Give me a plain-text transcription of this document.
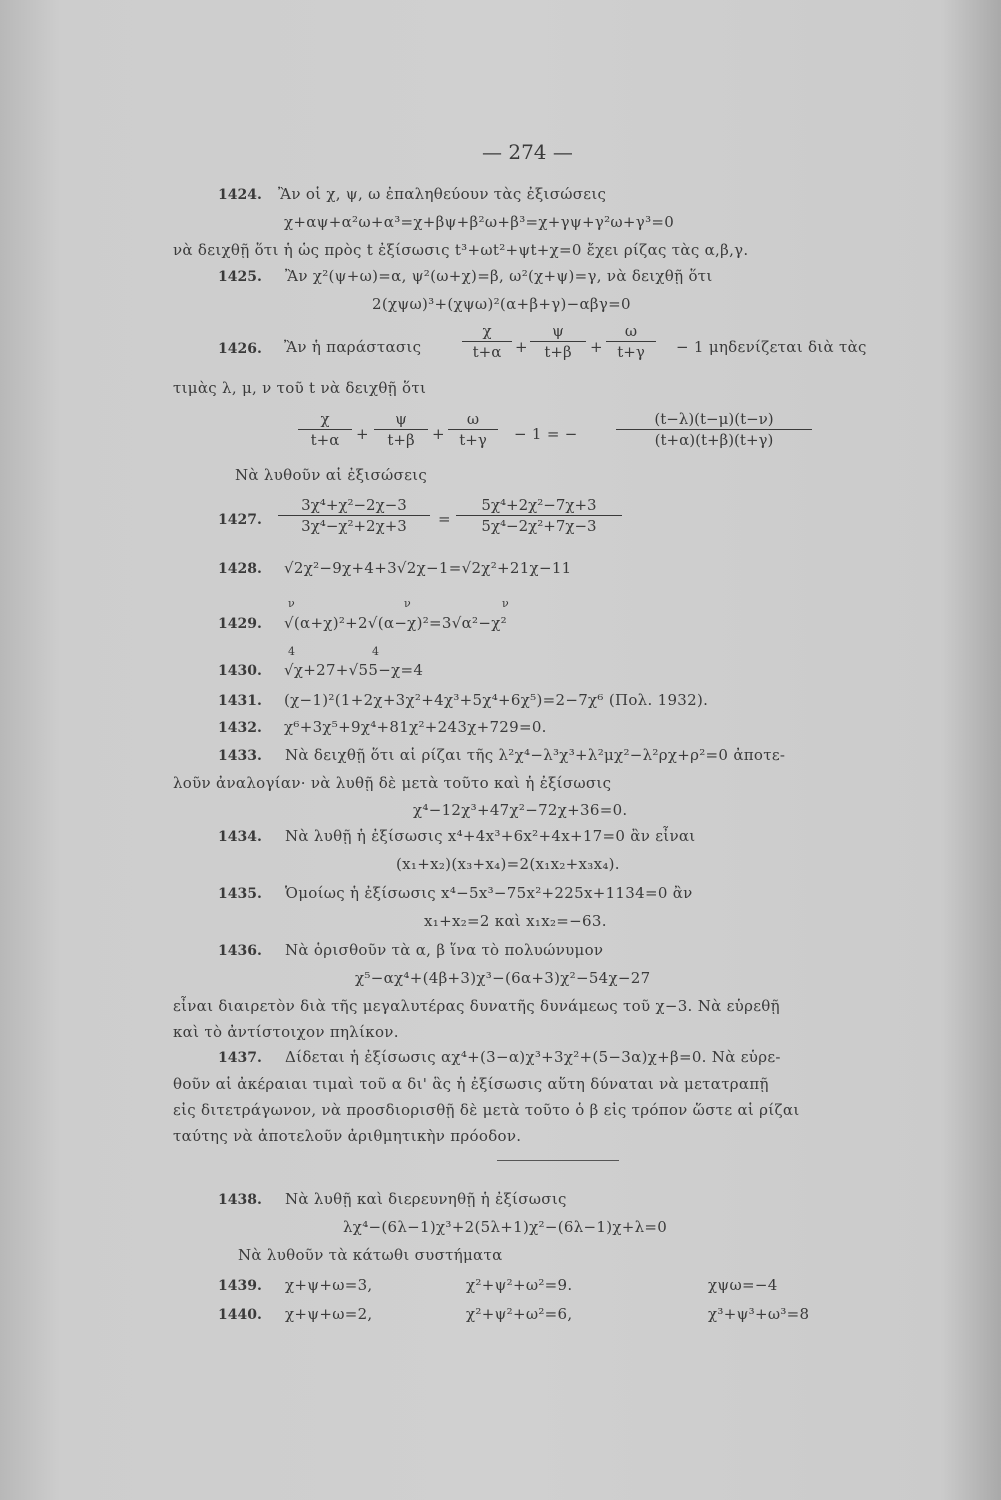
— 274 —
1424. Ἂν οἱ χ, ψ, ω ἐπαληθεύουν τὰς ἐξισώσεις
χ+αψ+α²ω+α³=χ+βψ+β²ω+β³=χ+γψ+γ²ω+γ³=0
νὰ δειχθῇ ὅτι ἡ ὡς πρὸς t ἐξίσωσις t³+ωt²+ψt+χ=0 ἔχει ρίζας τὰς α,β,γ.
1425. Ἂν χ²(ψ+ω)=α, ψ²(ω+χ)=β, ω²(χ+ψ)=γ, νὰ δειχθῇ ὅτι
2(χψω)³+(χψω)²(α+β+γ)−αβγ=0
1426. Ἂν ἡ παράστασις	$\frac{\chi}{t+\alpha} + \frac{\psi}{t+\beta} + \frac{\omega}{t+\gamma} - 1$ μηδενίζεται διὰ τὰς
τιμὰς λ, μ, ν τοῦ t νὰ δειχθῇ ὅτι
$\frac{\chi}{t+\alpha} + \frac{\psi}{t+\beta} + \frac{\omega}{t+\gamma} - 1$ = −	$\frac{(t-\lambda)(t-\mu)(t-\nu)}{(t+\alpha)(t+\beta)(t+\gamma)}$
Νὰ λυθοῦν αἱ ἐξισώσεις
1427. $\frac{\text{3χ⁴+χ²−2χ−3}}{\text{3χ⁴−χ²+2χ+3}} = \frac{\text{5χ⁴+2χ²−7χ+3}}{\text{5χ⁴−2χ²+7χ−3}}$
1428. √2χ²−9χ+4+3√2χ−1=√2χ²+21χ−11
ν	ν	ν
1429. √(α+χ)²+2√(α−χ)²=3√α²−χ²
4	4
1430. √χ+27+√55−χ=4
1431. (χ−1)²(1+2χ+3χ²+4χ³+5χ⁴+6χ⁵)=2−7χ⁶ (Πολ. 1932).
1432. χ⁶+3χ⁵+9χ⁴+81χ²+243χ+729=0.
1433. Νὰ δειχθῇ ὅτι αἱ ρίζαι τῆς λ²χ⁴−λ³χ³+λ²μχ²−λ²ρχ+ρ²=0 ἀποτε-
λοῦν ἀναλογίαν· νὰ λυθῇ δὲ μετὰ τοῦτο καὶ ἡ ἐξίσωσις
χ⁴−12χ³+47χ²−72χ+36=0.
1434. Νὰ λυθῇ ἡ ἐξίσωσις x⁴+4x³+6x²+4x+17=0 ἂν εἶναι
(x₁+x₂)(x₃+x₄)=2(x₁x₂+x₃x₄).
1435. Ὁμοίως ἡ ἐξίσωσις x⁴−5x³−75x²+225x+1134=0 ἂν
x₁+x₂=2 καὶ x₁x₂=−63.
1436. Νὰ ὁρισθοῦν τὰ α, β ἵνα τὸ πολυώνυμον
χ⁵−αχ⁴+(4β+3)χ³−(6α+3)χ²−54χ−27
εἶναι διαιρετὸν διὰ τῆς μεγαλυτέρας δυνατῆς δυνάμεως τοῦ χ−3. Νὰ εὑρεθῇ
καὶ τὸ ἀντίστοιχον πηλίκον.
1437. Δίδεται ἡ ἐξίσωσις αχ⁴+(3−α)χ³+3χ²+(5−3α)χ+β=0. Νὰ εὑρε-
θοῦν αἱ ἀκέραιαι τιμαὶ τοῦ α δι' ἃς ἡ ἐξίσωσις αὕτη δύναται νὰ μετατραπῇ
εἰς διτετράγωνον, νὰ προσδιορισθῇ δὲ μετὰ τοῦτο ὁ β εἰς τρόπον ὥστε αἱ ρίζαι
ταύτης νὰ ἀποτελοῦν ἀριθμητικὴν πρόοδον.
1438. Νὰ λυθῇ καὶ διερευνηθῇ ἡ ἐξίσωσις
λχ⁴−(6λ−1)χ³+2(5λ+1)χ²−(6λ−1)χ+λ=0
Νὰ λυθοῦν τὰ κάτωθι συστήματα
1439. χ+ψ+ω=3,	χ²+ψ²+ω²=9.	χψω=−4
1440. χ+ψ+ω=2,	χ²+ψ²+ω²=6,	χ³+ψ³+ω³=8
